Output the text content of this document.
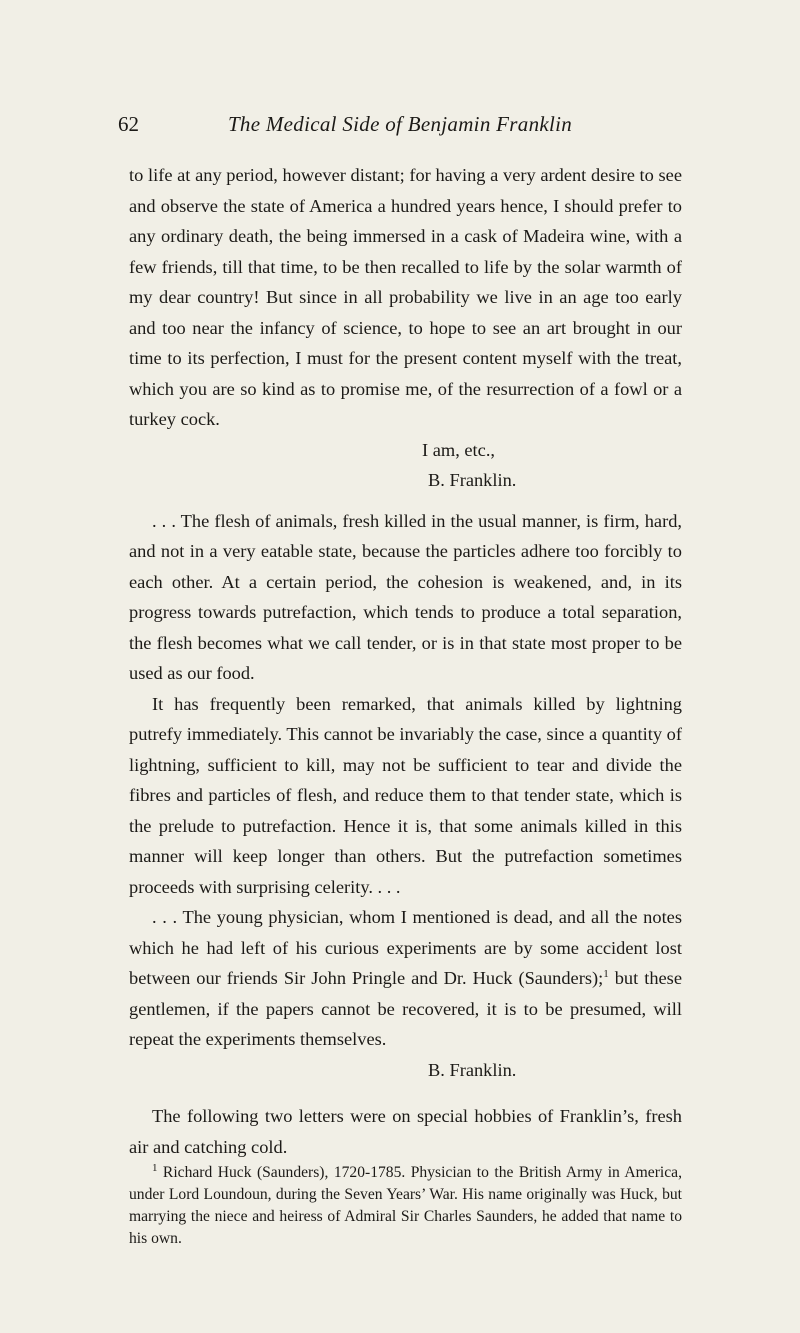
62	The Medical Side of Benjamin Franklin

to life at any period, however distant; for having a very ardent desire to see and observe the state of America a hundred years hence, I should prefer to any ordinary death, the being immersed in a cask of Madeira wine, with a few friends, till that time, to be then recalled to life by the solar warmth of my dear country! But since in all probability we live in an age too early and too near the infancy of science, to hope to see an art brought in our time to its perfection, I must for the present content myself with the treat, which you are so kind as to promise me, of the resurrection of a fowl or a turkey cock.

I am, etc.,

B. Franklin.

. . . The flesh of animals, fresh killed in the usual manner, is firm, hard, and not in a very eatable state, because the particles adhere too forcibly to each other. At a certain period, the cohesion is weakened, and, in its progress towards putrefaction, which tends to produce a total separation, the flesh becomes what we call tender, or is in that state most proper to be used as our food.

It has frequently been remarked, that animals killed by lightning putrefy immediately. This cannot be invariably the case, since a quantity of lightning, sufficient to kill, may not be sufficient to tear and divide the fibres and particles of flesh, and reduce them to that tender state, which is the prelude to putrefaction. Hence it is, that some animals killed in this manner will keep longer than others. But the putrefaction sometimes proceeds with surprising celerity. . . .

. . . The young physician, whom I mentioned is dead, and all the notes which he had left of his curious experiments are by some accident lost between our friends Sir John Pringle and Dr. Huck (Saunders);$^1$ but these gentlemen, if the papers cannot be recovered, it is to be presumed, will repeat the experiments themselves.

B. Franklin.

The following two letters were on special hobbies of Franklin’s, fresh air and catching cold.

$^1$ Richard Huck (Saunders), 1720-1785. Physician to the British Army in America, under Lord Loundoun, during the Seven Years’ War. His name originally was Huck, but marrying the niece and heiress of Admiral Sir Charles Saunders, he added that name to his own.
